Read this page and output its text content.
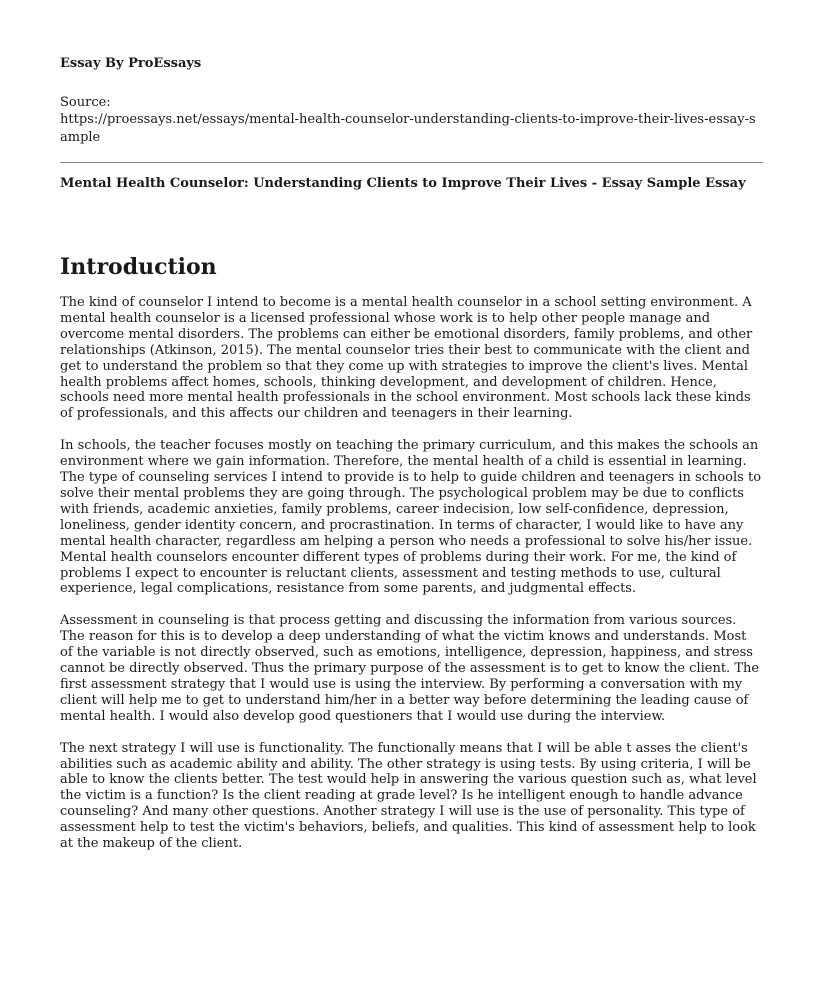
Essay By ProEssays

Source:

https://proessays.net/essays/mental-health-counselor-understanding-clients-to-improve-their-lives-essay-sample

Mental Health Counselor: Understanding Clients to Improve Their Lives - Essay Sample Essay
Introduction

The kind of counselor I intend to become is a mental health counselor in a school setting environment. A mental health counselor is a licensed professional whose work is to help other people manage and overcome mental disorders. The problems can either be emotional disorders, family problems, and other relationships (Atkinson, 2015). The mental counselor tries their best to communicate with the client and get to understand the problem so that they come up with strategies to improve the client's lives. Mental health problems affect homes, schools, thinking development, and development of children. Hence, schools need more mental health professionals in the school environment. Most schools lack these kinds of professionals, and this affects our children and teenagers in their learning.

In schools, the teacher focuses mostly on teaching the primary curriculum, and this makes the schools an environment where we gain information. Therefore, the mental health of a child is essential in learning. The type of counseling services I intend to provide is to help to guide children and teenagers in schools to solve their mental problems they are going through. The psychological problem may be due to conflicts with friends, academic anxieties, family problems, career indecision, low self-confidence, depression, loneliness, gender identity concern, and procrastination. In terms of character, I would like to have any mental health character, regardless am helping a person who needs a professional to solve his/her issue. Mental health counselors encounter different types of problems during their work. For me, the kind of problems I expect to encounter is reluctant clients, assessment and testing methods to use, cultural experience, legal complications, resistance from some parents, and judgmental effects.

Assessment in counseling is that process getting and discussing the information from various sources. The reason for this is to develop a deep understanding of what the victim knows and understands. Most of the variable is not directly observed, such as emotions, intelligence, depression, happiness, and stress cannot be directly observed. Thus the primary purpose of the assessment is to get to know the client. The first assessment strategy that I would use is using the interview. By performing a conversation with my client will help me to get to understand him/her in a better way before determining the leading cause of mental health. I would also develop good questioners that I would use during the interview.

The next strategy I will use is functionality. The functionally means that I will be able t asses the client's abilities such as academic ability and ability. The other strategy is using tests. By using criteria, I will be able to know the clients better. The test would help in answering the various question such as, what level the victim is a function? Is the client reading at grade level? Is he intelligent enough to handle advance counseling? And many other questions. Another strategy I will use is the use of personality. This type of assessment help to test the victim's behaviors, beliefs, and qualities. This kind of assessment help to look at the makeup of the client.
